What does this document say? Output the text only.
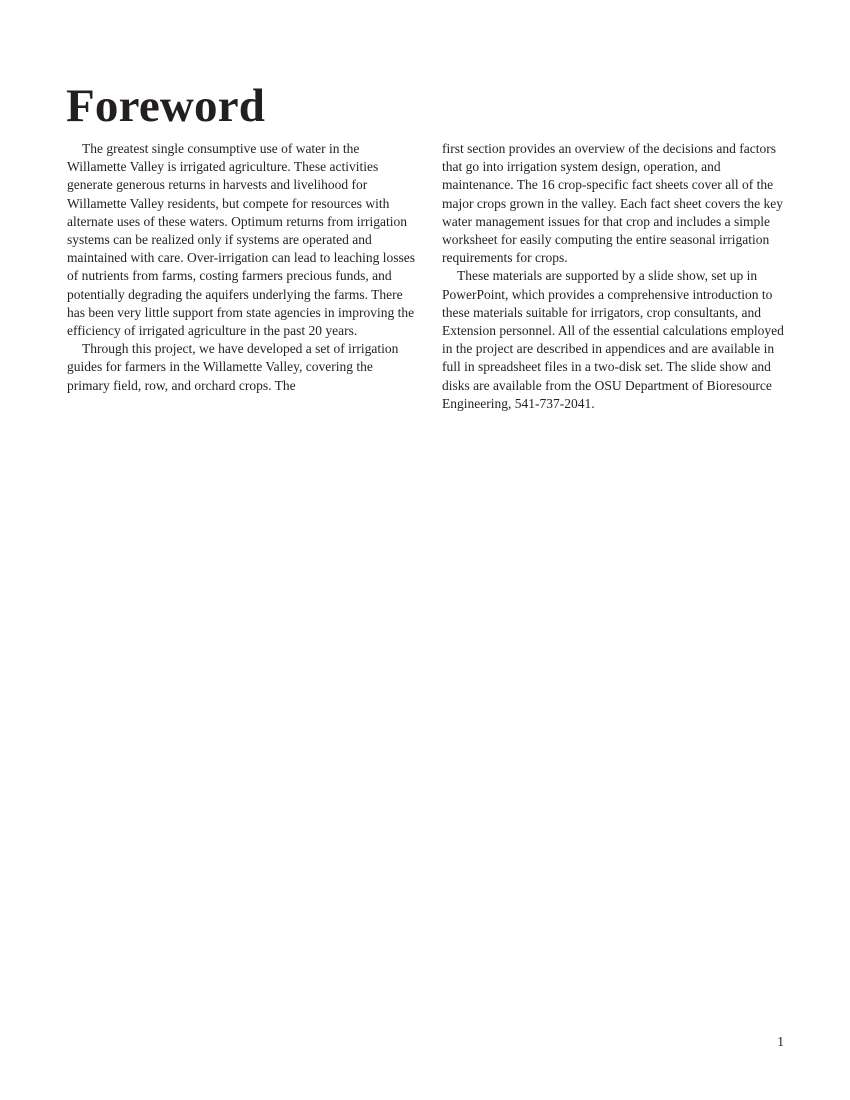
Foreword

The greatest single consumptive use of water in the Willamette Valley is irrigated agriculture. These activities generate generous returns in harvests and livelihood for Willamette Valley residents, but compete for resources with alternate uses of these waters. Optimum returns from irrigation systems can be realized only if systems are operated and maintained with care. Over-irrigation can lead to leaching losses of nutrients from farms, costing farmers precious funds, and potentially degrading the aquifers underlying the farms. There has been very little support from state agencies in improving the efficiency of irrigated agriculture in the past 20 years.

Through this project, we have developed a set of irrigation guides for farmers in the Willamette Valley, covering the primary field, row, and orchard crops. The

first section provides an overview of the decisions and factors that go into irrigation system design, operation, and maintenance. The 16 crop-specific fact sheets cover all of the major crops grown in the valley. Each fact sheet covers the key water management issues for that crop and includes a simple worksheet for easily computing the entire seasonal irrigation requirements for crops.

These materials are supported by a slide show, set up in PowerPoint, which provides a comprehensive introduction to these materials suitable for irrigators, crop consultants, and Extension personnel. All of the essential calculations employed in the project are described in appendices and are available in full in spreadsheet files in a two-disk set. The slide show and disks are available from the OSU Department of Bioresource Engineering, 541-737-2041.

1
